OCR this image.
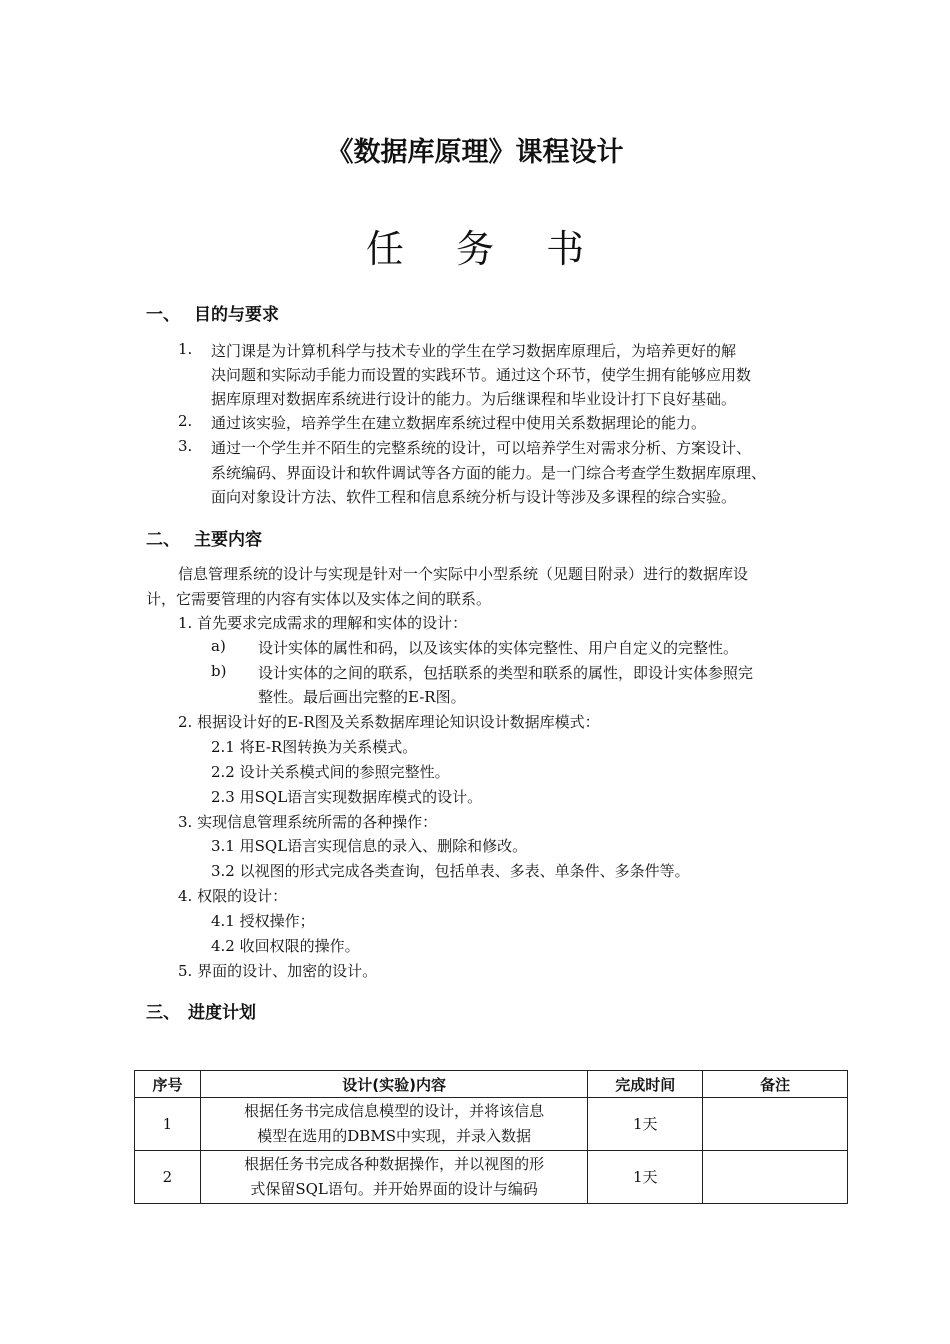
《数据库原理》课程设计
任 务 书
一、 目的与要求
1. 这门课是为计算机科学与技术专业的学生在学习数据库原理后，为培养更好的解
决问题和实际动手能力而设置的实践环节。通过这个环节，使学生拥有能够应用数
据库原理对数据库系统进行设计的能力。为后继课程和毕业设计打下良好基础。
2. 通过该实验，培养学生在建立数据库系统过程中使用关系数据理论的能力。
3. 通过一个学生并不陌生的完整系统的设计，可以培养学生对需求分析、方案设计、
系统编码、界面设计和软件调试等各方面的能力。是一门综合考查学生数据库原理、
面向对象设计方法、软件工程和信息系统分析与设计等涉及多课程的综合实验。
二、 主要内容
信息管理系统的设计与实现是针对一个实际中小型系统（见题目附录）进行的数据库设
计，它需要管理的内容有实体以及实体之间的联系。
1. 首先要求完成需求的理解和实体的设计：
a) 设计实体的属性和码，以及该实体的实体完整性、用户自定义的完整性。
b) 设计实体的之间的联系，包括联系的类型和联系的属性，即设计实体参照完
整性。最后画出完整的E-R图。
2. 根据设计好的E-R图及关系数据库理论知识设计数据库模式：
2.1 将E-R图转换为关系模式。
2.2 设计关系模式间的参照完整性。
2.3 用SQL语言实现数据库模式的设计。
3. 实现信息管理系统所需的各种操作：
3.1 用SQL语言实现信息的录入、删除和修改。
3.2 以视图的形式完成各类查询，包括单表、多表、单条件、多条件等。
4. 权限的设计：
4.1 授权操作；
4.2 收回权限的操作。
5. 界面的设计、加密的设计。
三、 进度计划
序号	设计(实验)内容	完成时间	备注
1	根据任务书完成信息模型的设计，并将该信息
模型在选用的DBMS中实现，并录入数据	1天	
2	根据任务书完成各种数据操作，并以视图的形
式保留SQL语句。并开始界面的设计与编码	1天	
